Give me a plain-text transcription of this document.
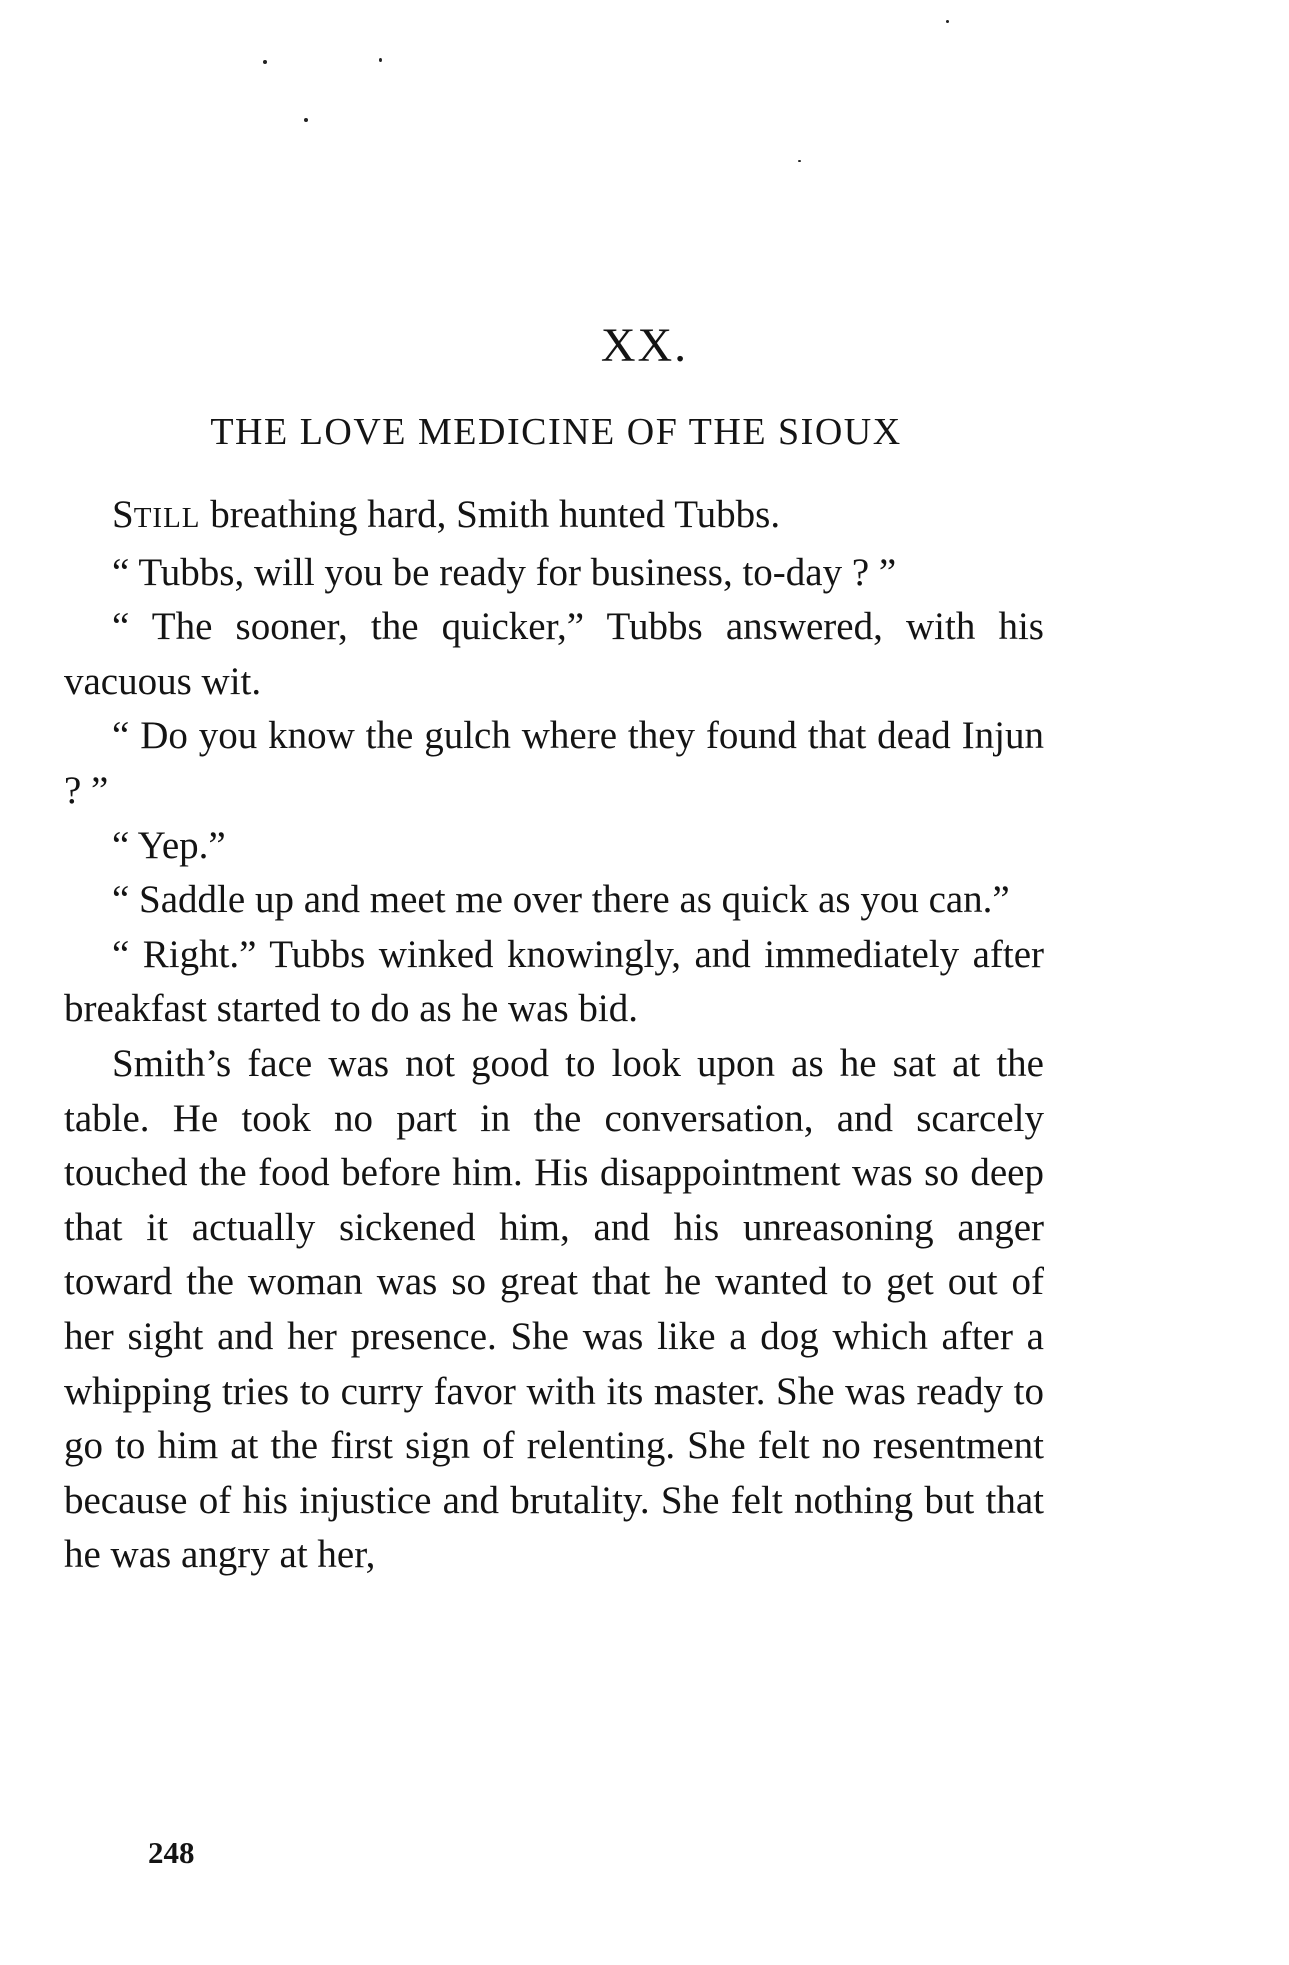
XX.
THE LOVE MEDICINE OF THE SIOUX

STILL breathing hard, Smith hunted Tubbs.

“ Tubbs, will you be ready for business, to-day ? ”

“ The sooner, the quicker,” Tubbs answered, with his vacuous wit.

“ Do you know the gulch where they found that dead Injun ? ”

“ Yep.”

“ Saddle up and meet me over there as quick as you can.”

“ Right.” Tubbs winked knowingly, and immediately after breakfast started to do as he was bid.

Smith’s face was not good to look upon as he sat at the table. He took no part in the conversation, and scarcely touched the food before him. His disappointment was so deep that it actually sickened him, and his unreasoning anger toward the woman was so great that he wanted to get out of her sight and her presence. She was like a dog which after a whipping tries to curry favor with its master. She was ready to go to him at the first sign of relenting. She felt no resentment because of his injustice and brutality. She felt nothing but that he was angry at her,

248
